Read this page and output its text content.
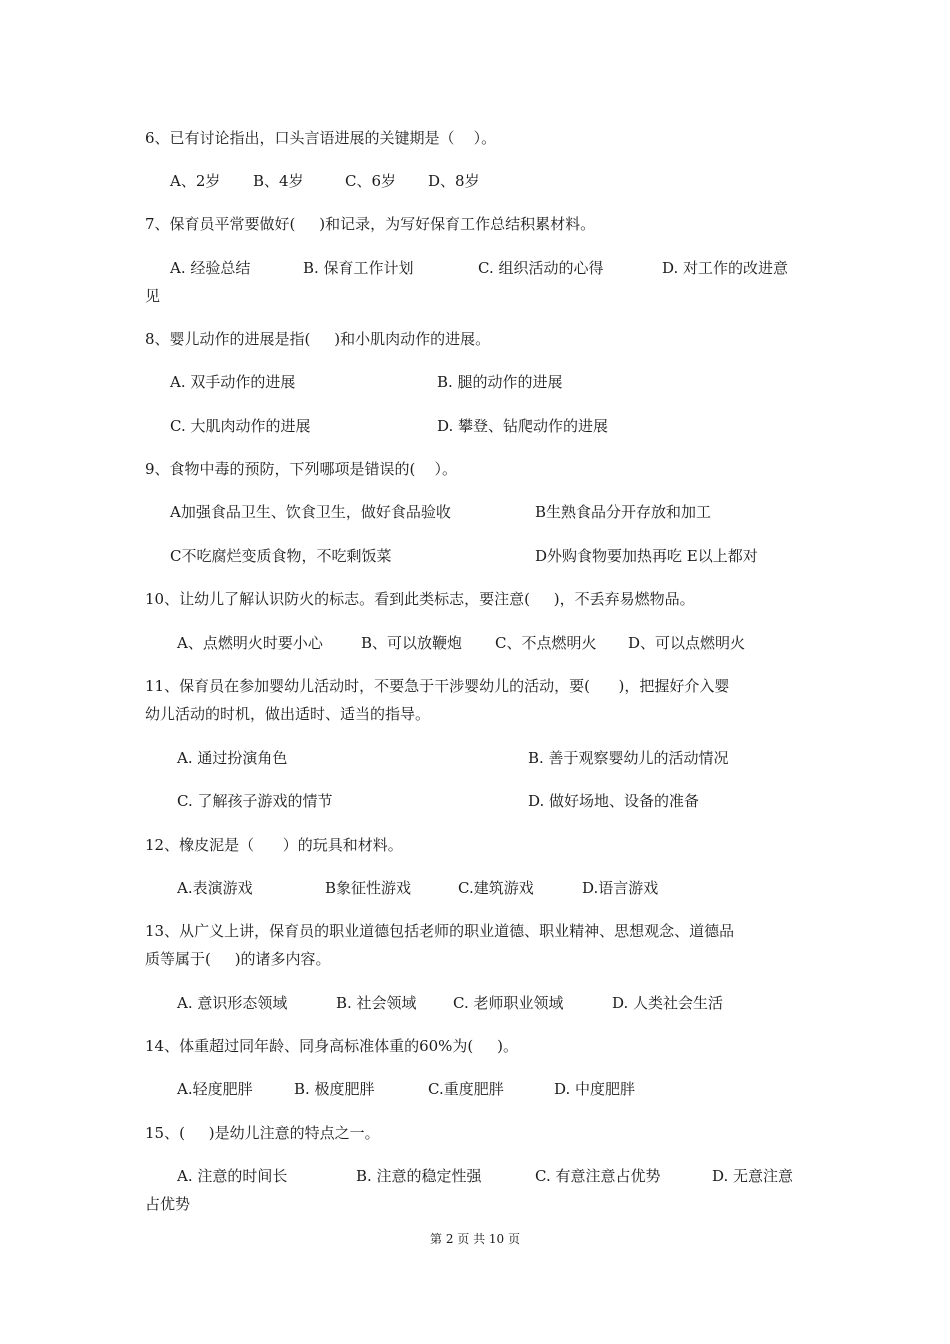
6、已有讨论指出，口头言语进展的关键期是（    ）。
A、2岁 B、4岁	C、6岁 D、8岁
7、保育员平常要做好(     )和记录，为写好保育工作总结积累材料。
A. 经验总结	B. 保育工作计划	C. 组织活动的心得	D. 对工作的改进意
见
8、婴儿动作的进展是指(     )和小肌肉动作的进展。
A. 双手动作的进展	B. 腿的动作的进展
C. 大肌肉动作的进展	D. 攀登、钻爬动作的进展
9、食物中毒的预防，下列哪项是错误的(    ）。
A加强食品卫生、饮食卫生，做好食品验收	B生熟食品分开存放和加工
C不吃腐烂变质食物，不吃剩饭菜	D外购食物要加热再吃 E以上都对
10、让幼儿了解认识防火的标志。看到此类标志，要注意(     )，不丢弃易燃物品。
A、点燃明火时要小心	B、可以放鞭炮 C、不点燃明火 D、可以点燃明火
11、保育员在参加婴幼儿活动时，不要急于干涉婴幼儿的活动，要(      )，把握好介入婴
幼儿活动的时机，做出适时、适当的指导。
A. 通过扮演角色	B. 善于观察婴幼儿的活动情况
C. 了解孩子游戏的情节	D. 做好场地、设备的准备
12、橡皮泥是（      ）的玩具和材料。
A.表演游戏	B象征性游戏	C.建筑游戏	D.语言游戏
13、从广义上讲，保育员的职业道德包括老师的职业道德、职业精神、思想观念、道德品
质等属于(     )的诸多内容。
A. 意识形态领域	B. 社会领域 C. 老师职业领域	D. 人类社会生活
14、体重超过同年龄、同身高标准体重的60%为(     )。
A.轻度肥胖	B. 极度肥胖	C.重度肥胖	D. 中度肥胖
15、(     )是幼儿注意的特点之一。
A. 注意的时间长	B. 注意的稳定性强	C. 有意注意占优势	D. 无意注意
占优势
第 2 页 共 10 页
